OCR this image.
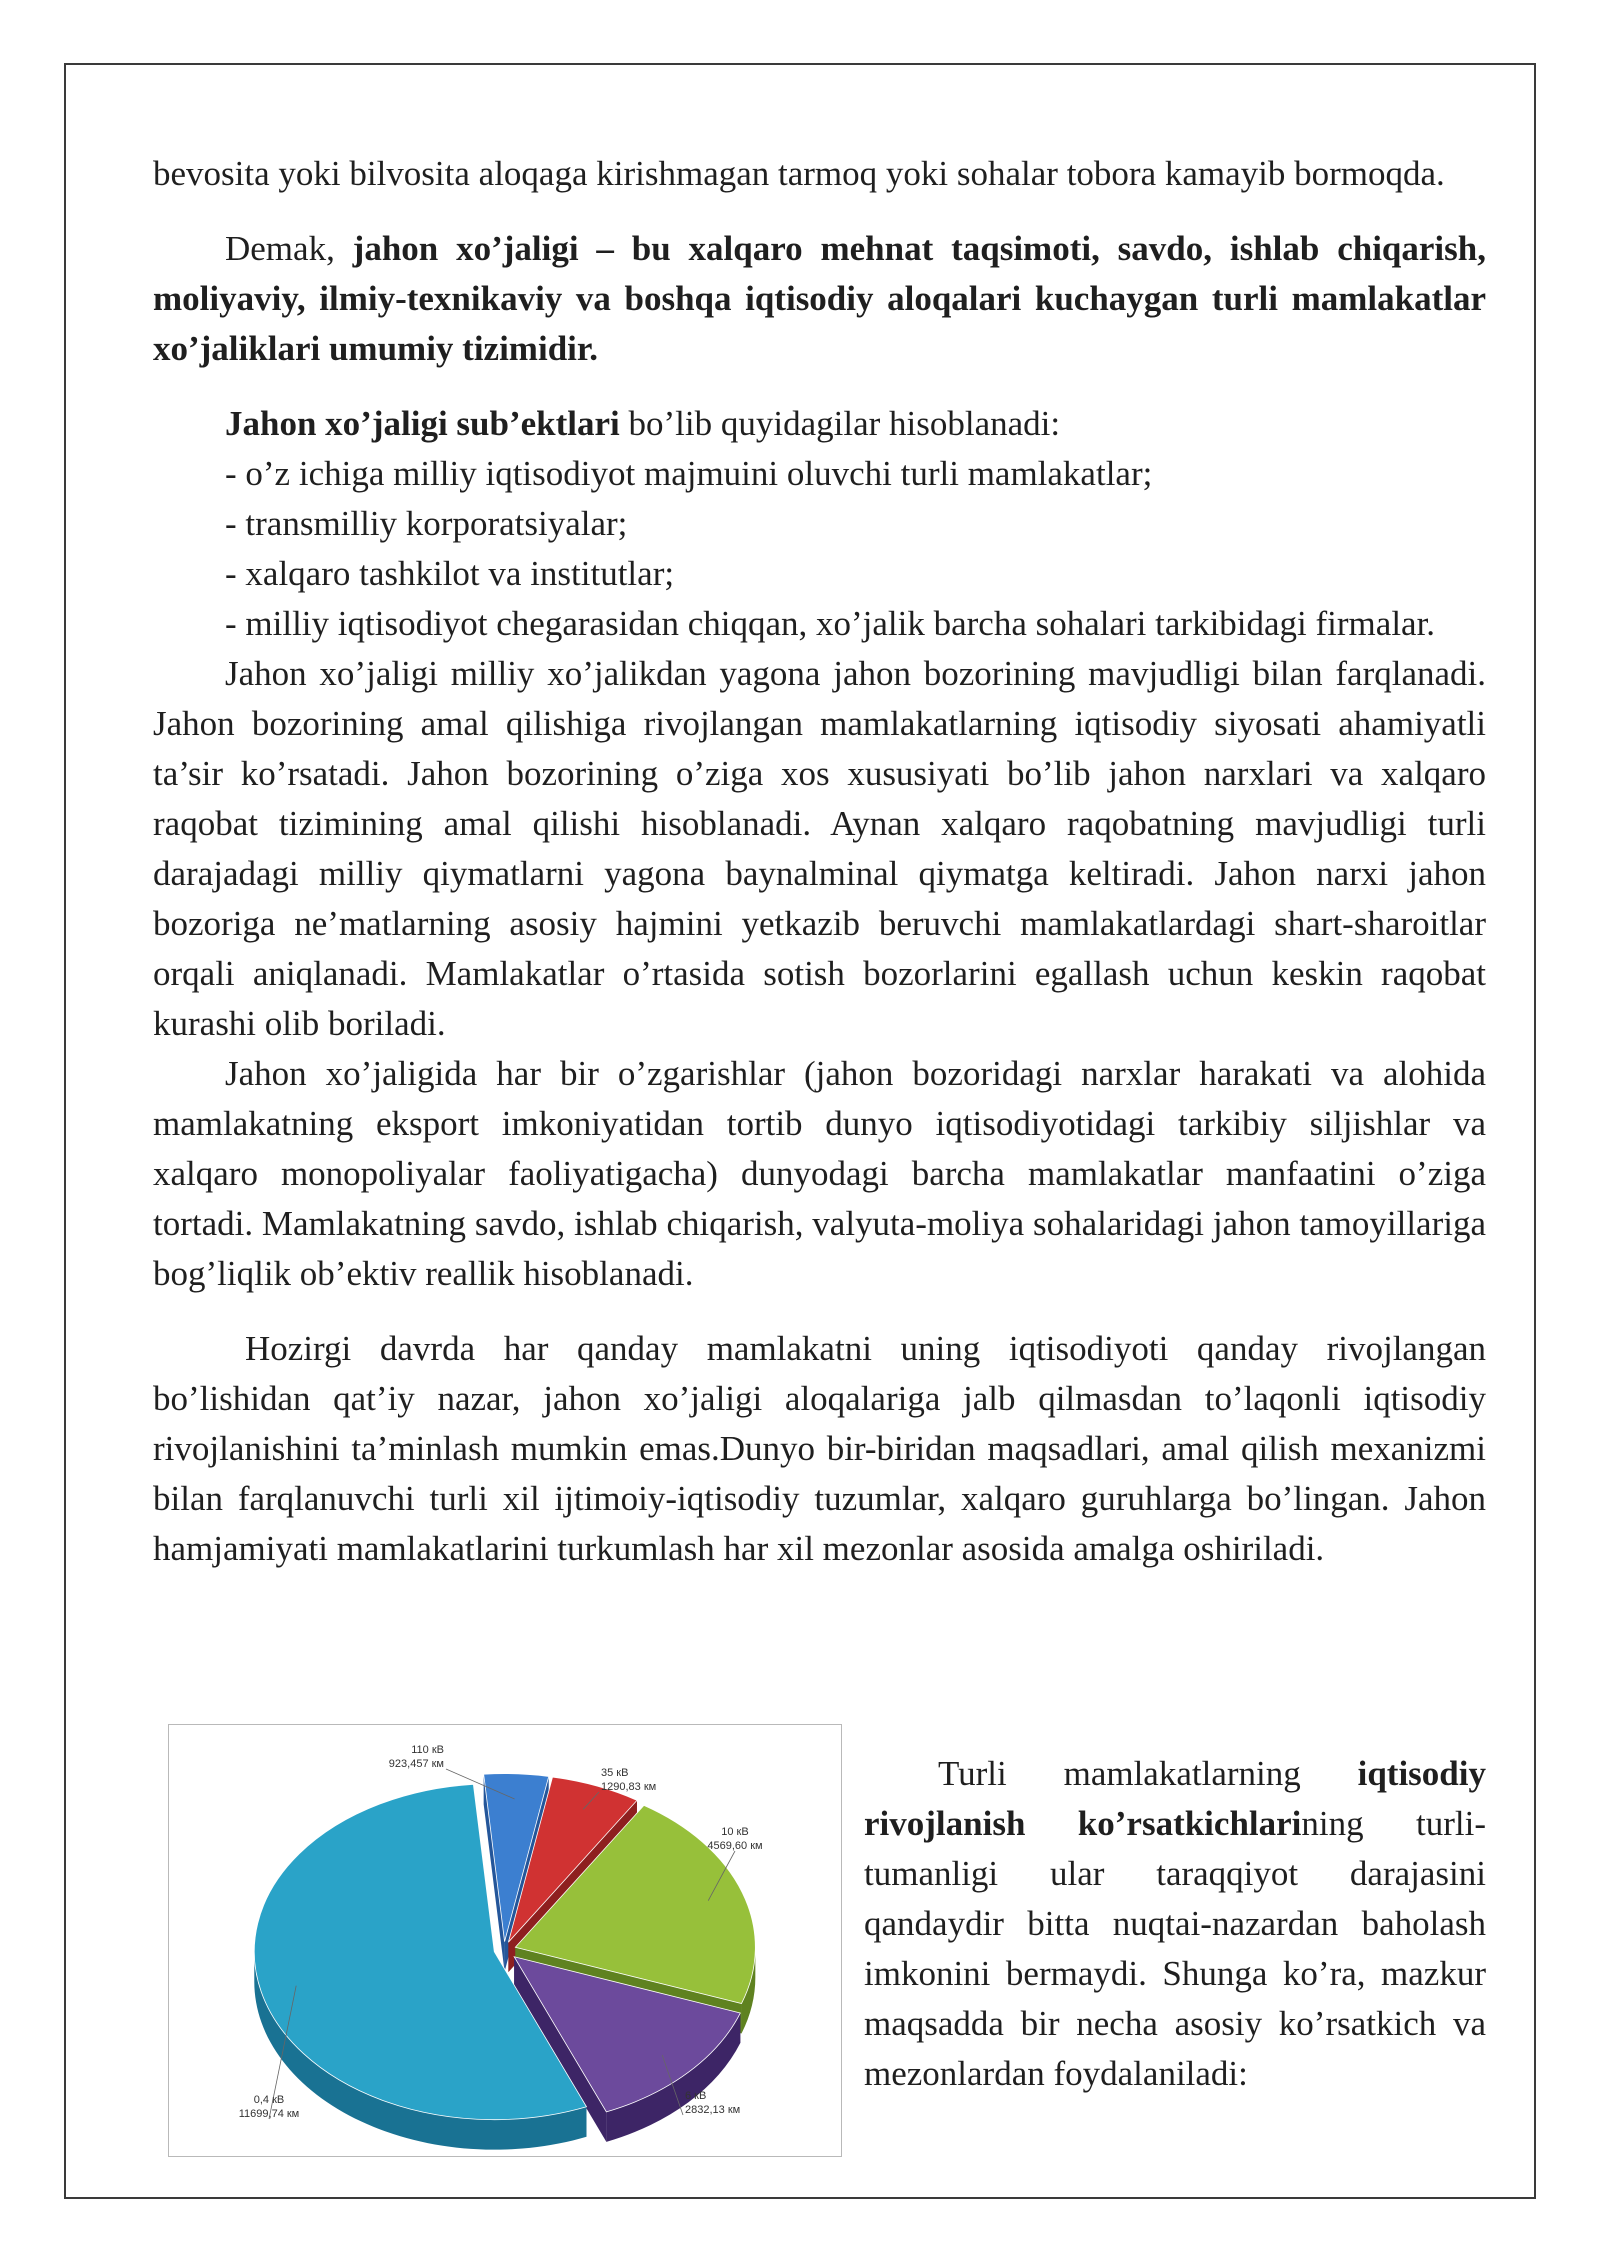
bevosita yoki bilvosita aloqaga kirishmagan tarmoq yoki sohalar tobora kamayib bormoqda.

Demak, jahon xo’jaligi – bu xalqaro mehnat taqsimoti, savdo, ishlab chiqarish, moliyaviy, ilmiy-texnikaviy va boshqa iqtisodiy aloqalari kuchaygan turli mamlakatlar xo’jaliklari umumiy tizimidir.

Jahon xo’jaligi sub’ektlari bo’lib quyidagilar hisoblanadi:

- o’z ichiga milliy iqtisodiyot majmuini oluvchi turli mamlakatlar;

- transmilliy korporatsiyalar;

- xalqaro tashkilot va institutlar;

- milliy iqtisodiyot chegarasidan chiqqan, xo’jalik barcha sohalari tarkibidagi firmalar.

Jahon xo’jaligi milliy xo’jalikdan yagona jahon bozorining mavjudligi bilan farqlanadi. Jahon bozorining amal qilishiga rivojlangan mamlakatlarning iqtisodiy siyosati ahamiyatli ta’sir ko’rsatadi. Jahon bozorining o’ziga xos xususiyati bo’lib jahon narxlari va xalqaro raqobat tizimining amal qilishi hisoblanadi. Aynan xalqaro raqobatning mavjudligi turli darajadagi milliy qiymatlarni yagona baynalminal qiymatga keltiradi. Jahon narxi jahon bozoriga ne’matlarning asosiy hajmini yetkazib beruvchi mamlakatlardagi shart-sharoitlar orqali aniqlanadi. Mamlakatlar o’rtasida sotish bozorlarini egallash uchun keskin raqobat kurashi olib boriladi.

Jahon xo’jaligida har bir o’zgarishlar (jahon bozoridagi narxlar harakati va alohida mamlakatning eksport imkoniyatidan tortib dunyo iqtisodiyotidagi tarkibiy siljishlar va xalqaro monopoliyalar faoliyatigacha) dunyodagi barcha mamlakatlar manfaatini o’ziga tortadi. Mamlakatning savdo, ishlab chiqarish, valyuta-moliya sohalaridagi jahon tamoyillariga bog’liqlik ob’ektiv reallik hisoblanadi.

Hozirgi davrda har qanday mamlakatni uning iqtisodiyoti qanday rivojlangan bo’lishidan qat’iy nazar, jahon xo’jaligi aloqalariga jalb qilmasdan to’laqonli iqtisodiy rivojlanishini ta’minlash mumkin emas.Dunyo bir-biridan maqsadlari, amal qilish mexanizmi bilan farqlanuvchi turli xil ijtimoiy-iqtisodiy tuzumlar, xalqaro guruhlarga bo’lingan. Jahon hamjamiyati mamlakatlarini turkumlash har xil mezonlar asosida amalga oshiriladi.

110 кВ
923,457 км
35 кВ
1290,83 км
10 кВ
4569,60 км
6 кВ
2832,13 км
0,4 кВ
11699,74 км

Turli mamlakatlarning iqtisodiy rivojlanish ko’rsatkichlarining turli-tumanligi ular taraqqiyot darajasini qandaydir bitta nuqtai-nazardan baholash imkonini bermaydi. Shunga ko’ra, mazkur maqsadda bir necha asosiy ko’rsatkich va mezonlardan foydalaniladi:
